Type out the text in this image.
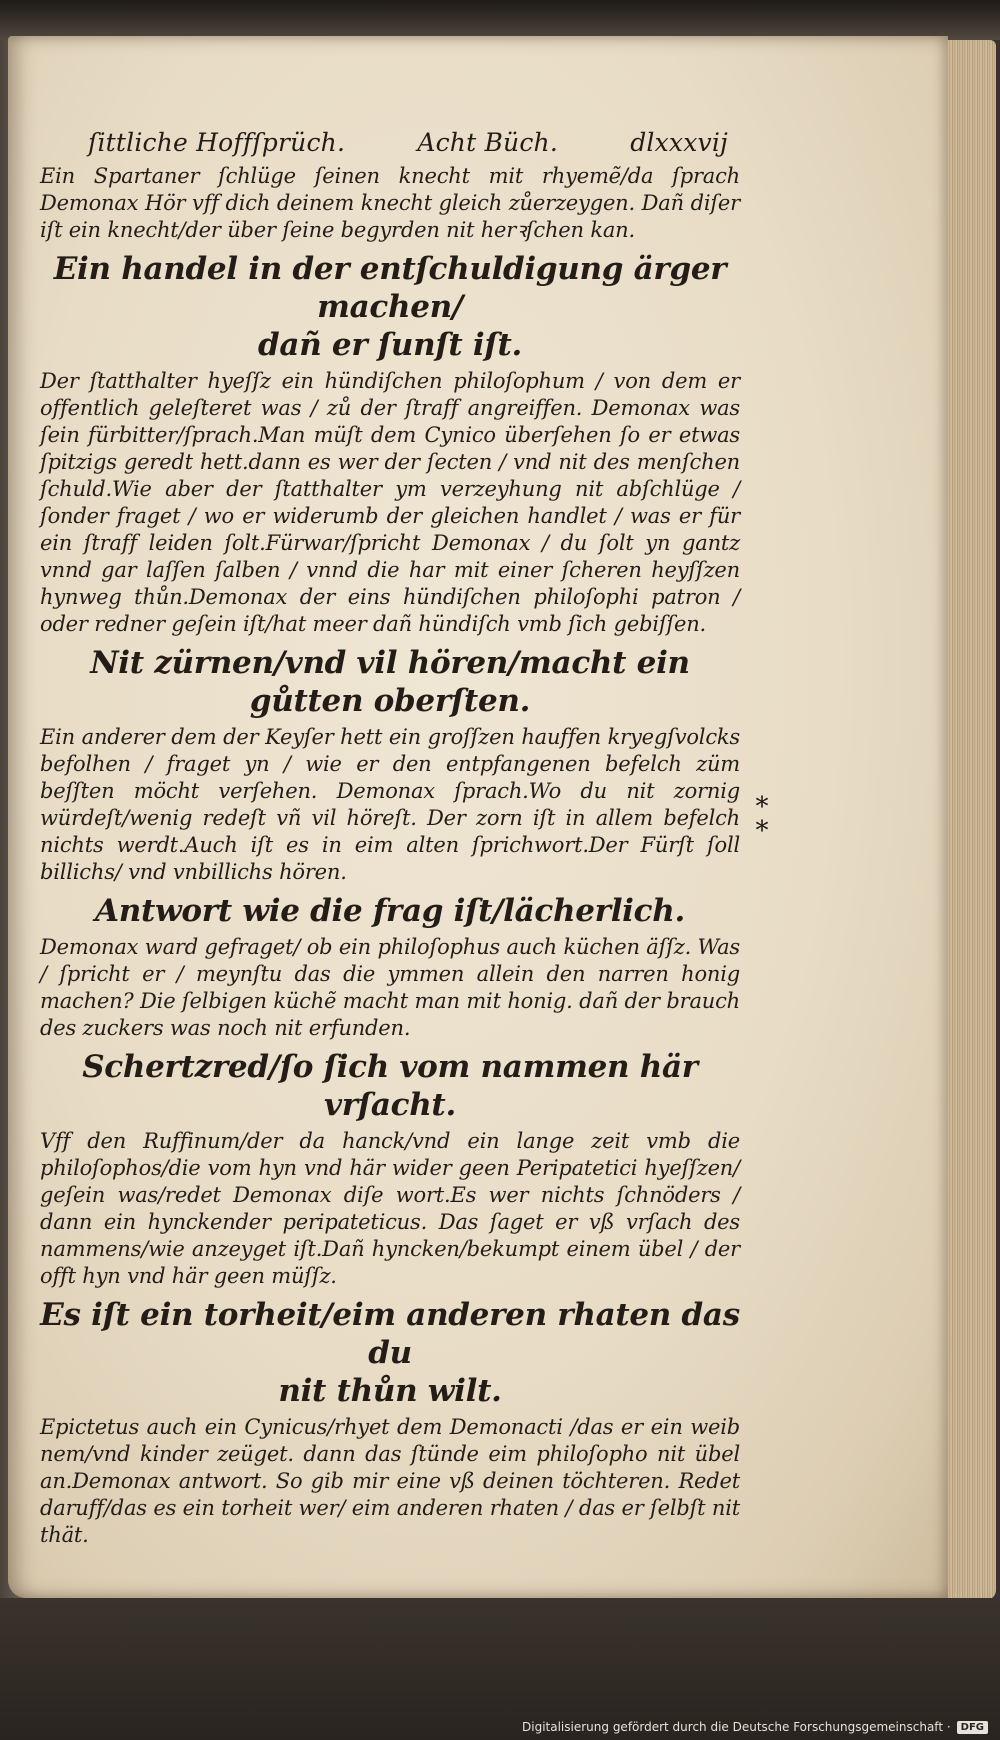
ſittliche Hoffſprüch.	Acht Büch.	dlxxxvij

Ein Spartaner ſchlüge ſeinen knecht mit rhyemẽ/da ſprach Demonax Hör vff dich deinem knecht gleich zůerzeygen. Dañ diſer iſt ein knecht/der über ſeine begyrden nit herꝛſchen kan.

Ein handel in der entſchuldigung ärger machen/
dañ er ſunſt iſt.

Der ſtatthalter hyeſſz ein hündiſchen philoſophum / von dem er offentlich geleſteret was / zů der ſtraff angreiffen. Demonax was ſein fürbitter/ſprach.Man müſt dem Cynico überſehen ſo er etwas ſpitzigs geredt hett.dann es wer der ſecten / vnd nit des menſchen ſchuld.Wie aber der ſtatthalter ym verzeyhung nit abſchlüge / ſonder fraget / wo er widerumb der gleichen handlet / was er für ein ſtraff leiden ſolt.Fürwar/ſpricht Demonax / du ſolt yn gantz vnnd gar laſſen ſalben / vnnd die har mit einer ſcheren heyſſzen hynweg thůn.Demonax der eins hündiſchen philoſophi patron / oder redner geſein iſt/hat meer dañ hündiſch vmb ſich gebiſſen.

Nit zürnen/vnd vil hören/macht ein
gůtten oberſten.

Ein anderer dem der Keyſer hett ein groſſzen hauffen kryegſvolcks befolhen / fraget yn / wie er den entpfangenen befelch züm beſſten möcht verſehen. Demonax ſprach.Wo du nit zornig würdeſt/wenig redeſt vñ vil höreſt. Der zorn iſt in allem befelch nichts werdt.Auch iſt es in eim alten ſprichwort.Der Fürſt ſoll billichs/ vnd vnbillichs hören.

Antwort wie die frag iſt/lächerlich.

Demonax ward gefraget/ ob ein philoſophus auch küchen äſſz. Was / ſpricht er / meynſtu das die ymmen allein den narren honig machen? Die ſelbigen küchẽ macht man mit honig. dañ der brauch des zuckers was noch nit erfunden.

Schertzred/ſo ſich vom nammen här vrſacht.

Vff den Ruffinum/der da hanck/vnd ein lange zeit vmb die philoſophos/die vom hyn vnd här wider geen Peripatetici hyeſſzen/ geſein was/redet Demonax diſe wort.Es wer nichts ſchnöders / dann ein hynckender peripateticus. Das ſaget er vß vrſach des nammens/wie anzeyget iſt.Dañ hyncken/bekumpt einem übel / der offt hyn vnd här geen müſſz.

Es iſt ein torheit/eim anderen rhaten das du
nit thůn wilt.

Epictetus auch ein Cynicus/rhyet dem Demonacti /das er ein weib nem/vnd kinder zeüget. dann das ſtünde eim philoſopho nit übel an.Demonax antwort. So gib mir eine vß deinen töchteren. Redet daruff/das es ein torheit wer/ eim anderen rhaten / das er ſelbſt nit thät.

*
*
Digitalisierung gefördert durch die Deutsche Forschungsgemeinschaft ·	DFG
